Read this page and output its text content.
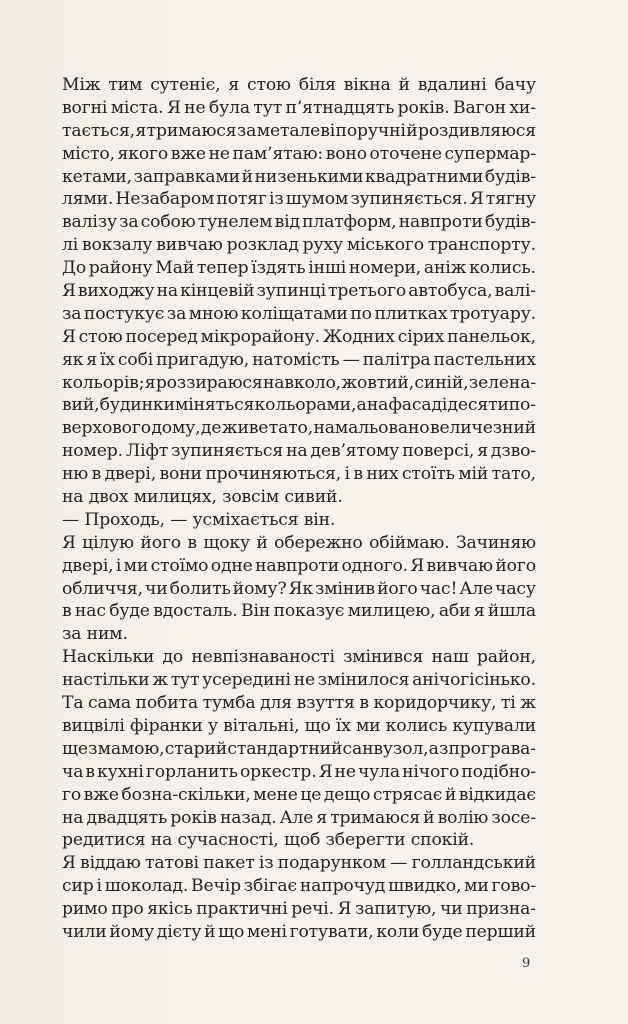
Між тим сутеніє, я стою біля вікна й вдалині бачу
вогні міста. Я не була тут п’ятнадцять років. Вагон хи-
тається, я тримаюся за металеві поручні й роздивляюся
місто, якого вже не пам’ятаю: воно оточене супермар-
кетами, заправками й низенькими квадратними будів-
лями. Незабаром потяг із шумом зупиняється. Я тягну
валізу за собою тунелем від платформ, навпроти будів-
лі вокзалу вивчаю розклад руху міського транспорту.
До району Май тепер їздять інші номери, аніж колись.
Я виходжу на кінцевій зупинці третього автобуса, валі-
за постукує за мною коліщатами по плитках тротуару.
Я стою посеред мікрорайону. Жодних сірих панельок,
як я їх собі пригадую, натомість — палітра пастельних
кольорів; я роззираюся навколо, жовтий, синій, зелена-
вий, будинки міняться кольорами, а на фасаді десятипо-
верхового дому, де живе тато, намальовано величезний
номер. Ліфт зупиняється на дев’ятому поверсі, я дзво-
ню в двері, вони прочиняються, і в них стоїть мій тато,
на двох милицях, зовсім сивий.
— Проходь, — усміхається він.
Я цілую його в щоку й обережно обіймаю. Зачиняю
двері, і ми стоїмо одне навпроти одного. Я вивчаю його
обличчя, чи болить йому? Як змінив його час! Але часу
в нас буде вдосталь. Він показує милицею, аби я йшла
за ним.
Наскільки до невпізнаваності змінився наш район,
настільки ж тут усередині не змінилося анічогісінько.
Та сама побита тумба для взуття в коридорчику, ті ж
вицвілі фіранки у вітальні, що їх ми колись купували
ще з мамою, старий стандартний санвузол, а з програва-
ча в кухні горланить оркестр. Я не чула нічого подібно-
го вже бозна-скільки, мене це дещо стрясає й відкидає
на двадцять років назад. Але я тримаюся й волію зосе-
редитися на сучасності, щоб зберегти спокій.
Я віддаю татові пакет із подарунком — голландський
сир і шоколад. Вечір збігає напрочуд швидко, ми гово-
римо про якісь практичні речі. Я запитую, чи призна-
чили йому дієту й що мені готувати, коли буде перший
9
